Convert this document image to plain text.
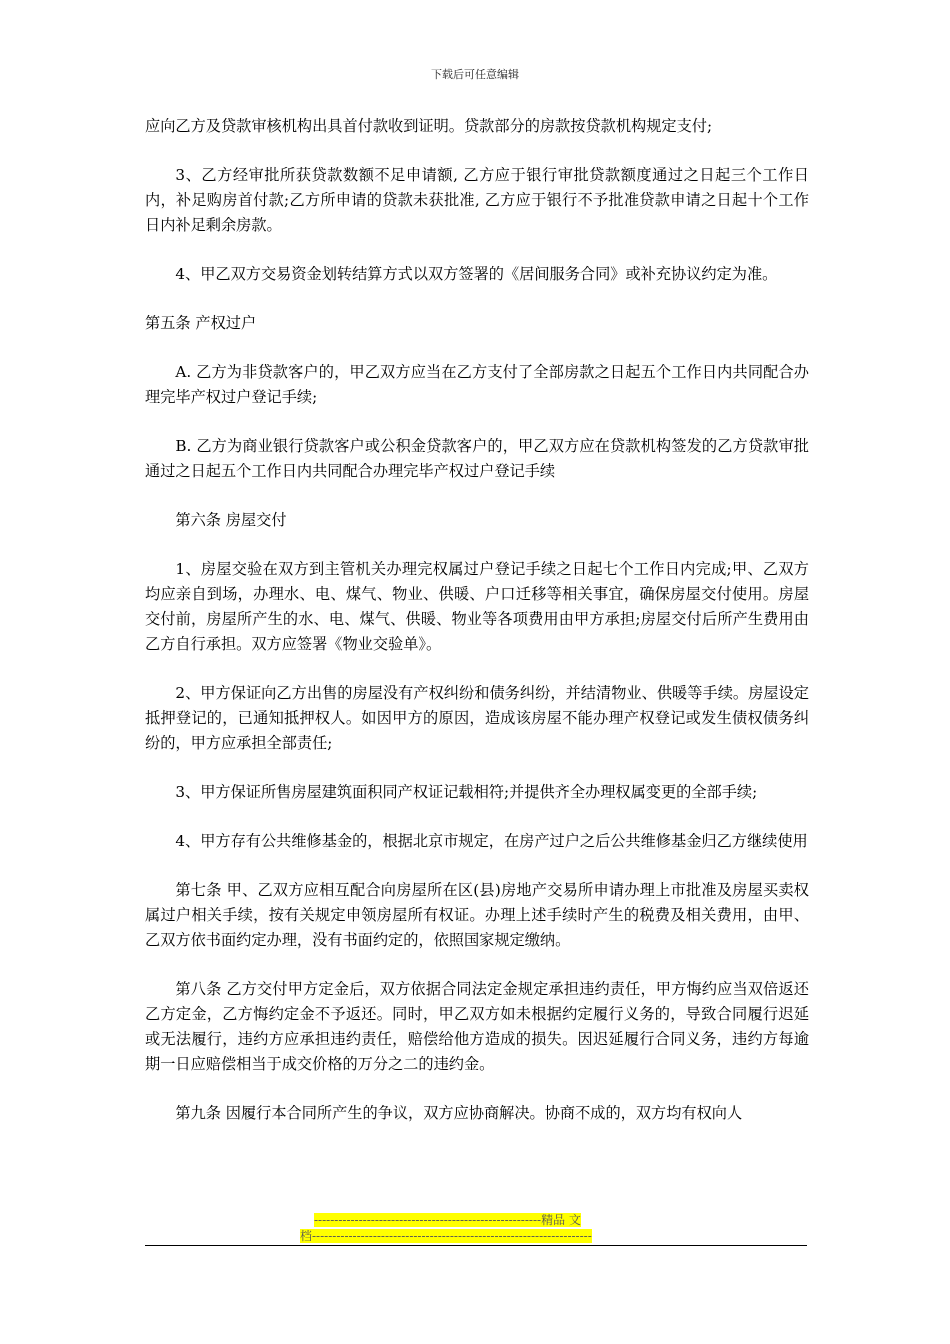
下载后可任意编辑

应向乙方及贷款审核机构出具首付款收到证明。贷款部分的房款按贷款机构规定支付;

3、乙方经审批所获贷款数额不足申请额, 乙方应于银行审批贷款额度通过之日起三个工作日内，补足购房首付款;乙方所申请的贷款未获批准, 乙方应于银行不予批准贷款申请之日起十个工作日内补足剩余房款。

4、甲乙双方交易资金划转结算方式以双方签署的《居间服务合同》或补充协议约定为准。

第五条 产权过户

A. 乙方为非贷款客户的，甲乙双方应当在乙方支付了全部房款之日起五个工作日内共同配合办理完毕产权过户登记手续;

B. 乙方为商业银行贷款客户或公积金贷款客户的，甲乙双方应在贷款机构签发的乙方贷款审批通过之日起五个工作日内共同配合办理完毕产权过户登记手续

第六条 房屋交付

1、房屋交验在双方到主管机关办理完权属过户登记手续之日起七个工作日内完成;甲、乙双方均应亲自到场，办理水、电、煤气、物业、供暖、户口迁移等相关事宜，确保房屋交付使用。房屋交付前，房屋所产生的水、电、煤气、供暖、物业等各项费用由甲方承担;房屋交付后所产生费用由乙方自行承担。双方应签署《物业交验单》。

2、甲方保证向乙方出售的房屋没有产权纠纷和债务纠纷，并结清物业、供暖等手续。房屋设定抵押登记的，已通知抵押权人。如因甲方的原因，造成该房屋不能办理产权登记或发生债权债务纠纷的，甲方应承担全部责任;

3、甲方保证所售房屋建筑面积同产权证记载相符;并提供齐全办理权属变更的全部手续;

4、甲方存有公共维修基金的，根据北京市规定，在房产过户之后公共维修基金归乙方继续使用

第七条 甲、乙双方应相互配合向房屋所在区(县)房地产交易所申请办理上市批准及房屋买卖权属过户相关手续，按有关规定申领房屋所有权证。办理上述手续时产生的税费及相关费用，由甲、乙双方依书面约定办理，没有书面约定的，依照国家规定缴纳。

第八条 乙方交付甲方定金后，双方依据合同法定金规定承担违约责任，甲方悔约应当双倍返还乙方定金，乙方悔约定金不予返还。同时，甲乙双方如未根据约定履行义务的，导致合同履行迟延或无法履行，违约方应承担违约责任，赔偿给他方造成的损失。因迟延履行合同义务，违约方每逾期一日应赔偿相当于成交价格的万分之二的违约金。

第九条 因履行本合同所产生的争议，双方应协商解决。协商不成的，双方均有权向人

--------------------------------------------------------精品 文
档---------------------------------------------------------------------
